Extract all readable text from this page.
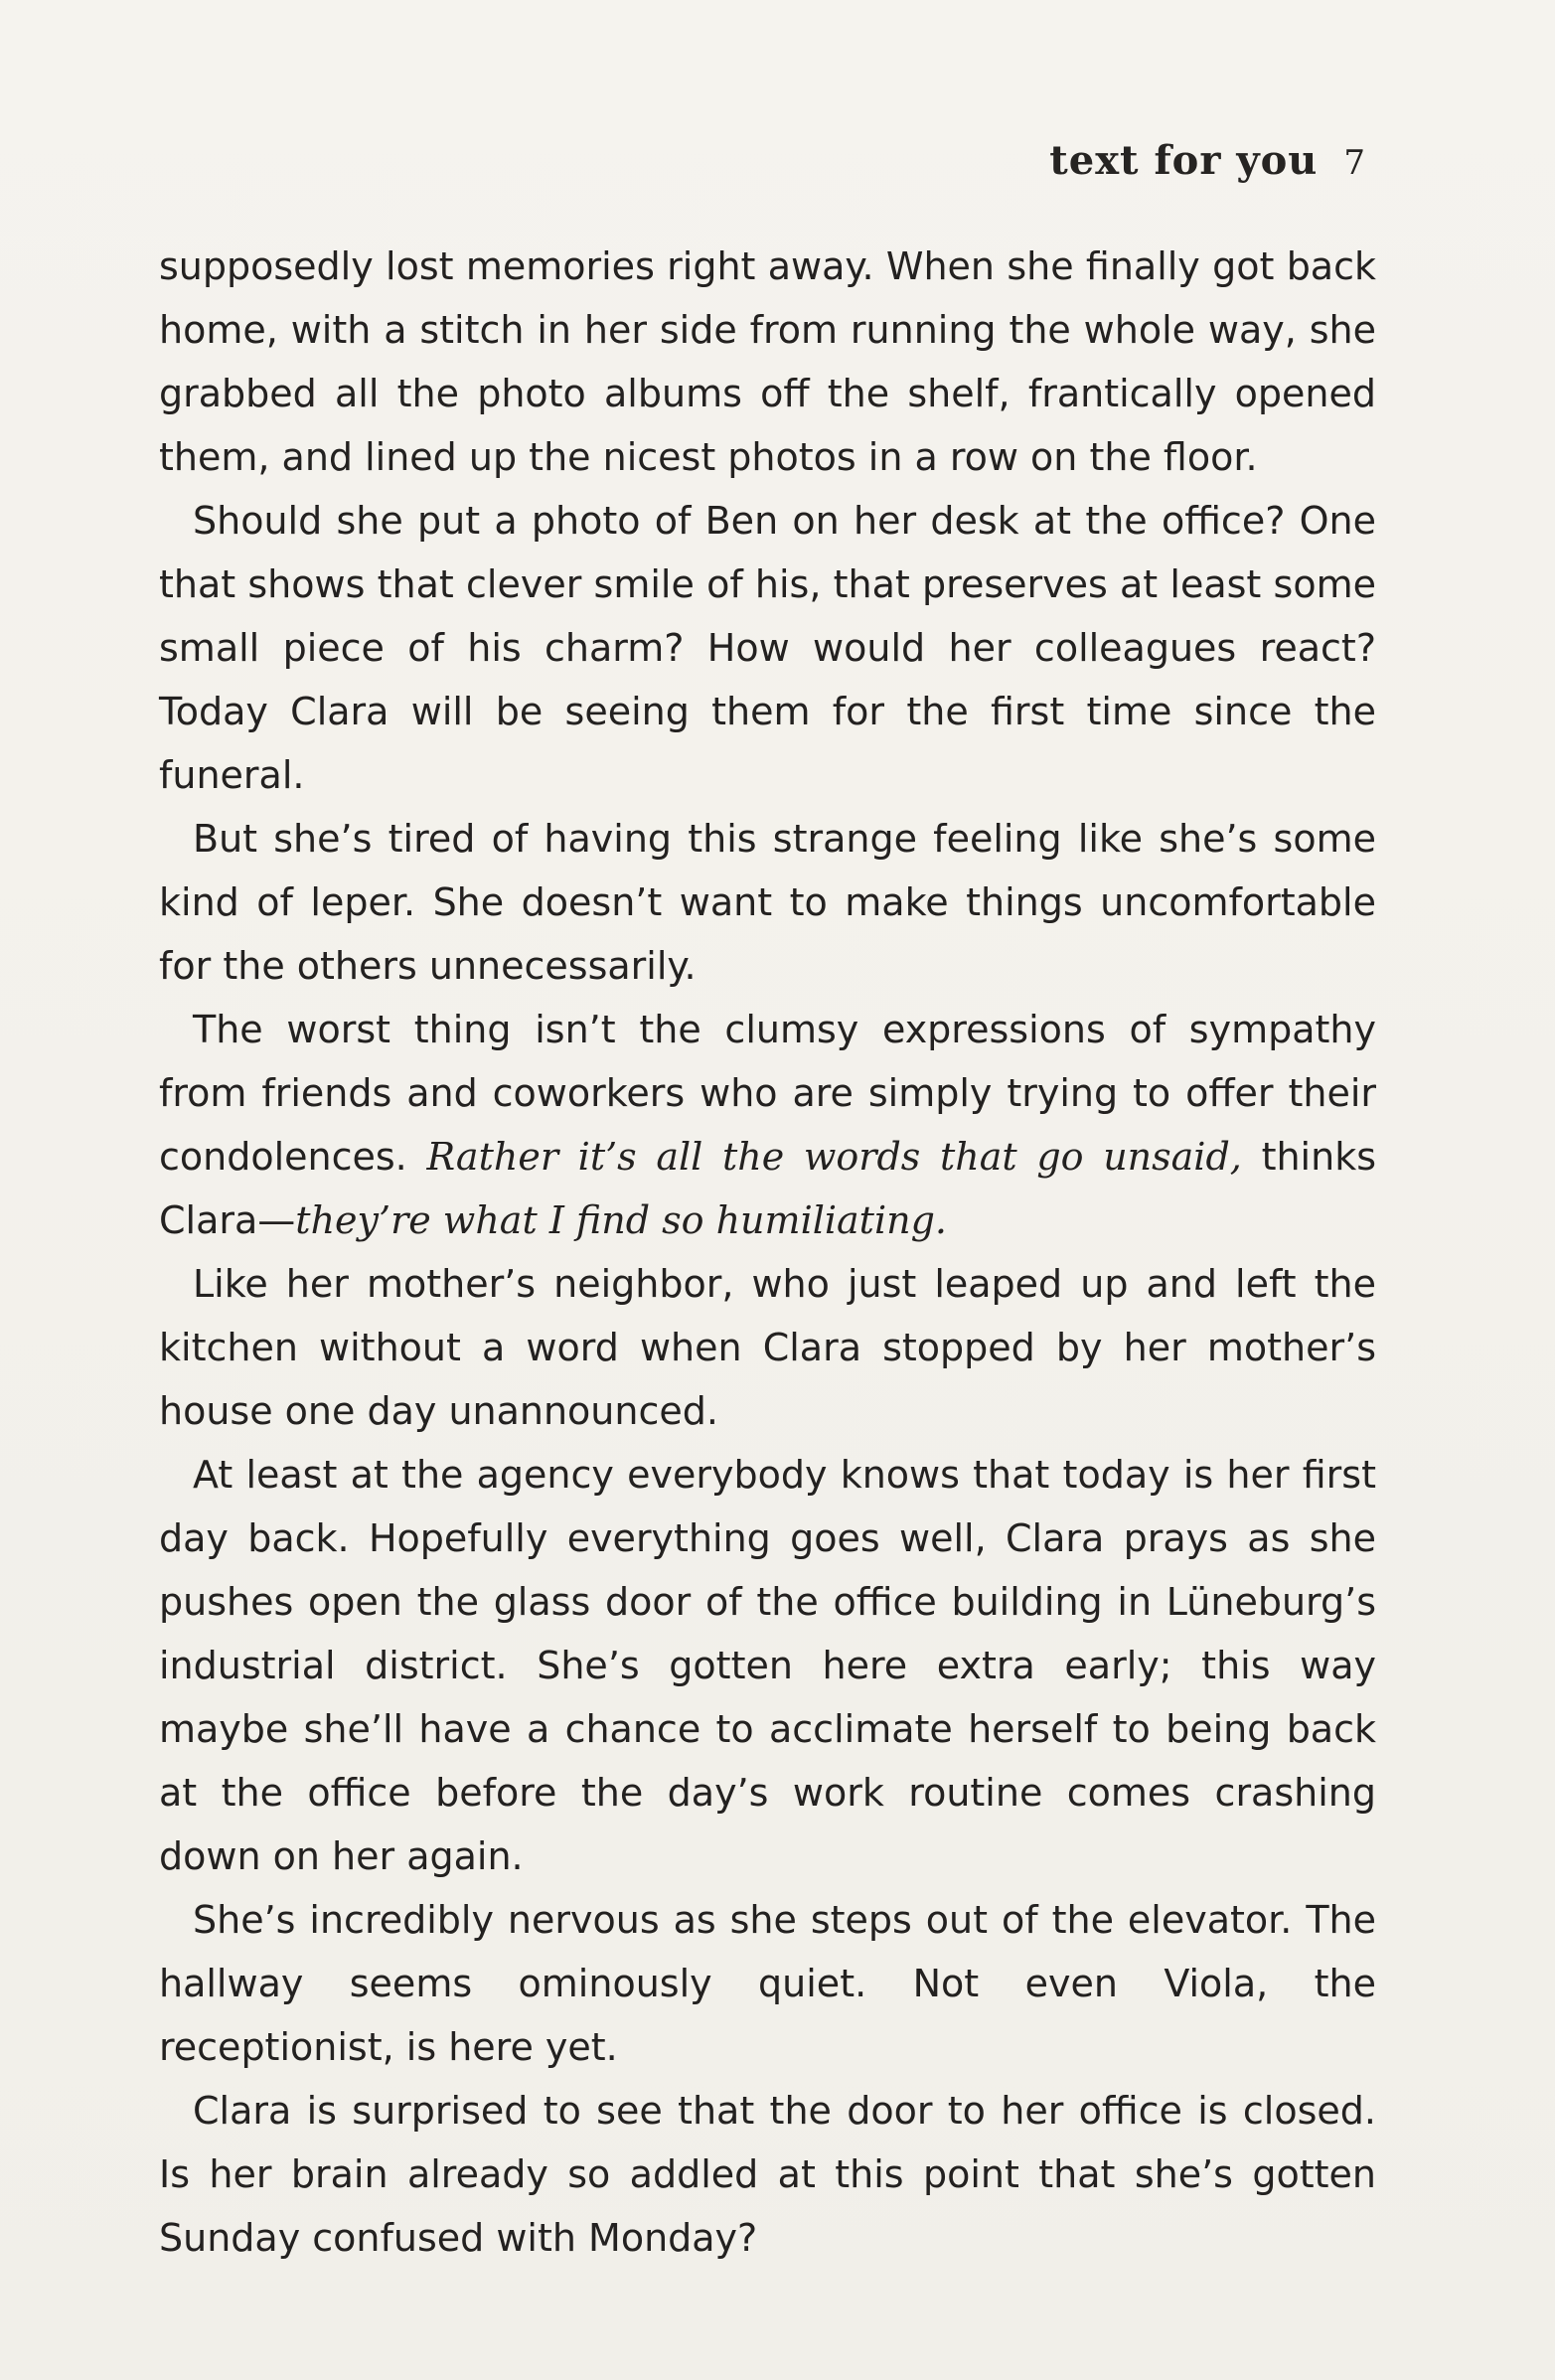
text for you 7

supposedly lost memories right away. When she finally got back home, with a stitch in her side from running the whole way, she grabbed all the photo albums off the shelf, frantically opened them, and lined up the nicest photos in a row on the floor.

Should she put a photo of Ben on her desk at the office? One that shows that clever smile of his, that preserves at least some small piece of his charm? How would her colleagues react? Today Clara will be seeing them for the first time since the funeral.

But she’s tired of having this strange feeling like she’s some kind of leper. She doesn’t want to make things uncomfortable for the others unnecessarily.

The worst thing isn’t the clumsy expressions of sympathy from friends and coworkers who are simply trying to offer their condolences. Rather it’s all the words that go unsaid, thinks Clara—they’re what I find so humiliating.

Like her mother’s neighbor, who just leaped up and left the kitchen without a word when Clara stopped by her mother’s house one day unannounced.

At least at the agency everybody knows that today is her first day back. Hopefully everything goes well, Clara prays as she pushes open the glass door of the office building in Lüneburg’s industrial district. She’s gotten here extra early; this way maybe she’ll have a chance to acclimate herself to being back at the office before the day’s work routine comes crashing down on her again.

She’s incredibly nervous as she steps out of the elevator. The hallway seems ominously quiet. Not even Viola, the receptionist, is here yet.

Clara is surprised to see that the door to her office is closed. Is her brain already so addled at this point that she’s gotten Sunday confused with Monday?
